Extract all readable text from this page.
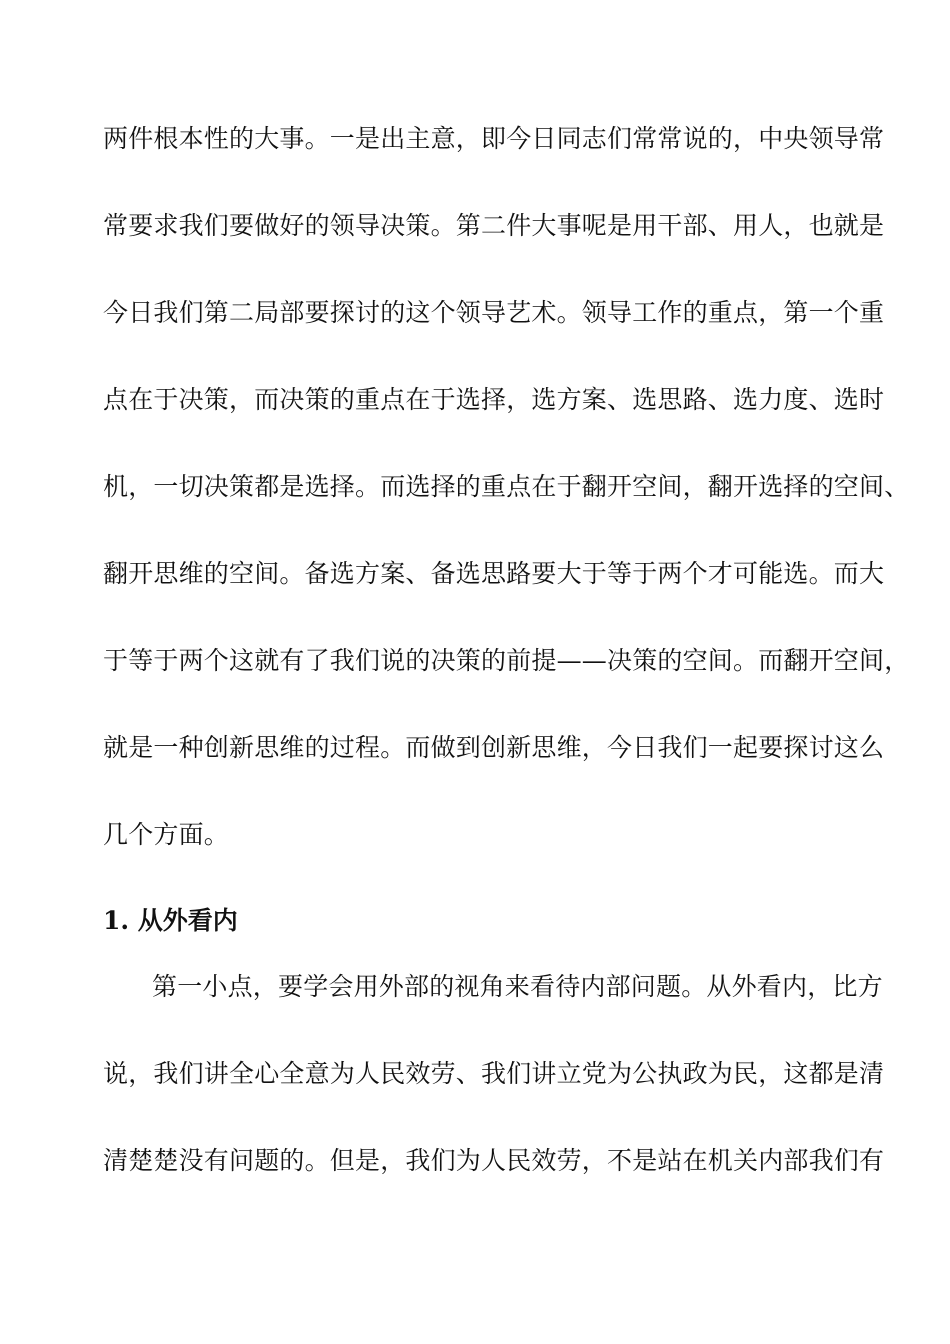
两件根本性的大事。一是出主意，即今日同志们常常说的，中央领导常
常要求我们要做好的领导决策。第二件大事呢是用干部、用人，也就是
今日我们第二局部要探讨的这个领导艺术。领导工作的重点，第一个重
点在于决策，而决策的重点在于选择，选方案、选思路、选力度、选时
机，一切决策都是选择。而选择的重点在于翻开空间，翻开选择的空间、
翻开思维的空间。备选方案、备选思路要大于等于两个才可能选。而大
于等于两个这就有了我们说的决策的前提——决策的空间。而翻开空间，
就是一种创新思维的过程。而做到创新思维，今日我们一起要探讨这么
几个方面。
1. 从外看内
第一小点，要学会用外部的视角来看待内部问题。从外看内，比方
说，我们讲全心全意为人民效劳、我们讲立党为公执政为民，这都是清
清楚楚没有问题的。但是，我们为人民效劳，不是站在机关内部我们有
